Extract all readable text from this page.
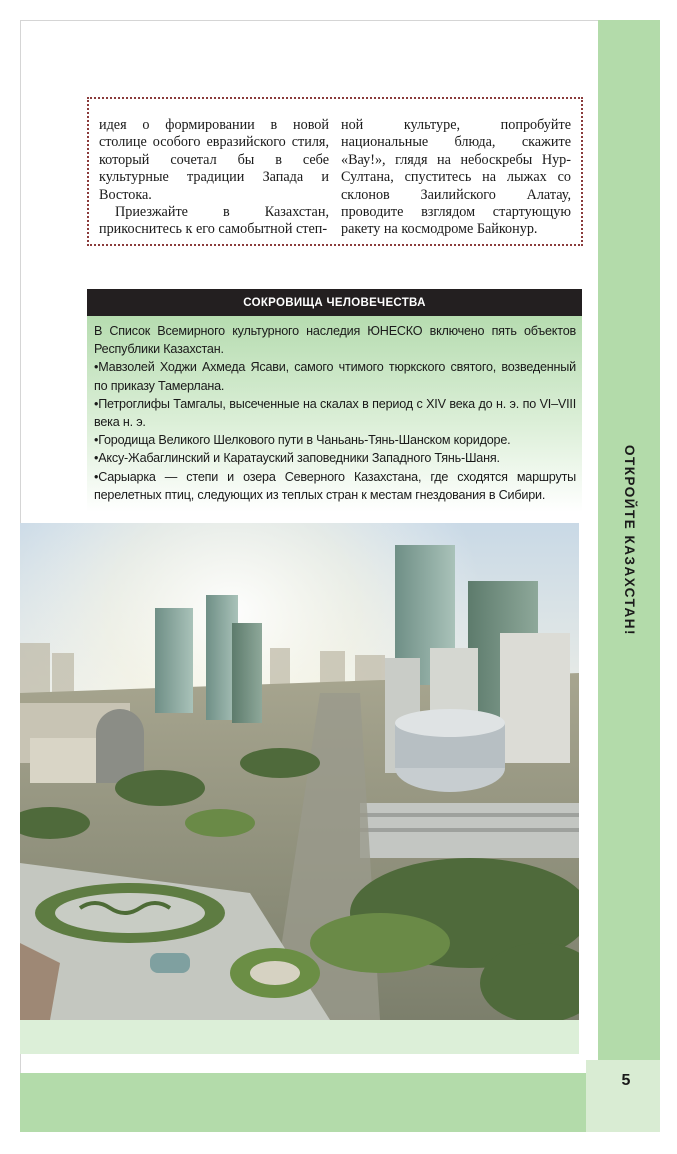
ОТКРОЙТЕ КАЗАХСТАН!
5

идея о формировании в новой столице особого евразийского стиля, который сочетал бы в себе культурные традиции Запада и Востока.

Приезжайте в Казахстан, прикоснитесь к его самобытной степ-

ной культуре, попробуйте национальные блюда, скажите «Вау!», глядя на небоскребы Нур-Султана, спуститесь на лыжах со склонов Заилийского Алатау, проводите взглядом стартующую ракету на космодроме Байконур.

СОКРОВИЩА ЧЕЛОВЕЧЕСТВА

В Список Всемирного культурного наследия ЮНЕСКО включено пять объектов Республики Казахстан.

•Мавзолей Ходжи Ахмеда Ясави, самого чтимого тюркского святого, возведенный по приказу Тамерлана.

•Петроглифы Тамгалы, высеченные на скалах в период с XIV века до н. э. по VI–VIII века н. э.

•Городища Великого Шелкового пути в Чаньань-Тянь-Шанском коридоре.

•Аксу-Жабаглинский и Каратауский заповедники Западного Тянь-Шаня.

•Сарыарка — степи и озера Северного Казахстана, где сходятся маршруты перелетных птиц, следующих из теплых стран к местам гнездования в Сибири.
